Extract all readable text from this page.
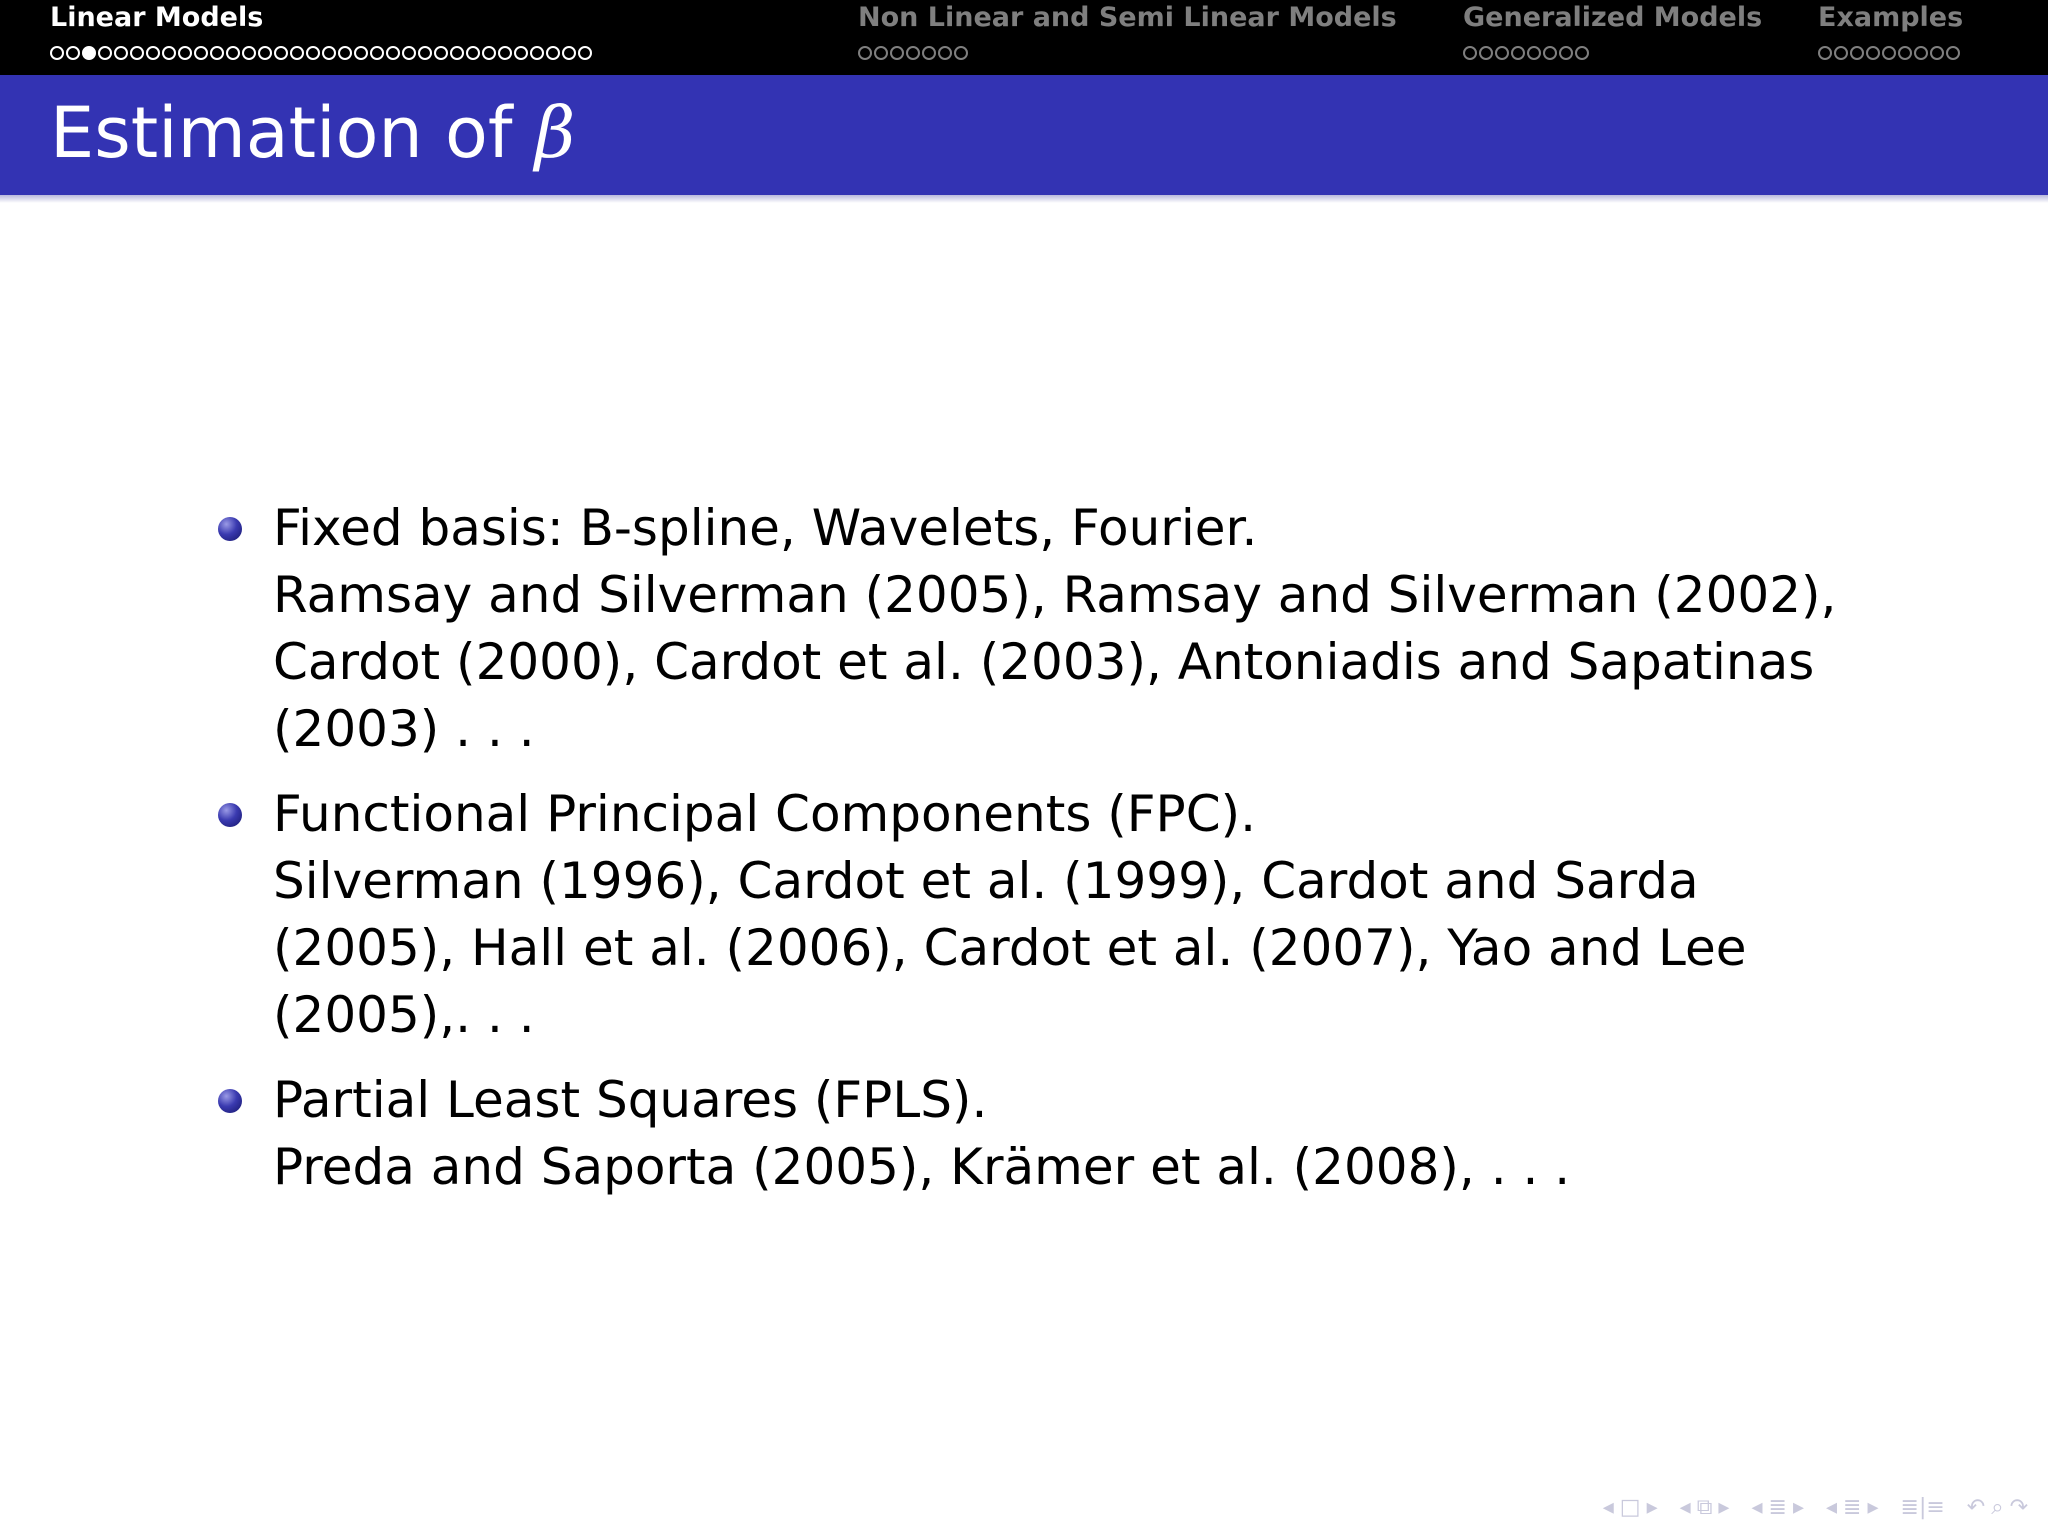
Linear Models	Non Linear and Semi Linear Models Generalized Models Examples
Estimation of β
Fixed basis: B-spline, Wavelets, Fourier.
Ramsay and Silverman (2005), Ramsay and Silverman (2002), Cardot (2000), Cardot et al. (2003), Antoniadis and Sapatinas (2003) . . .
Functional Principal Components (FPC).
Silverman (1996), Cardot et al. (1999), Cardot and Sarda (2005), Hall et al. (2006), Cardot et al. (2007), Yao and Lee (2005),. . .
Partial Least Squares (FPLS).
Preda and Saporta (2005), Krämer et al. (2008), . . .
◂ □ ▸ ◂ ⧉ ▸ ◂ ≣ ▸ ◂ ≣ ▸ ≣|≡ ↶ ⌕ ↷
